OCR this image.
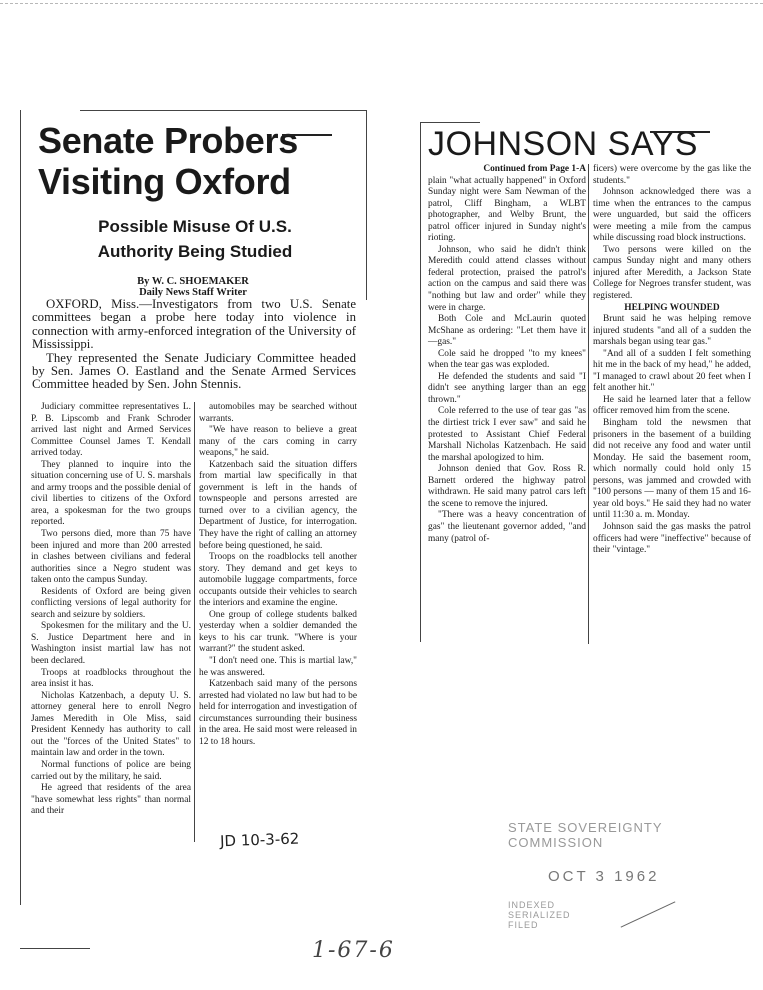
Senate Probers
Visiting Oxford
Possible Misuse Of U.S.
Authority Being Studied
By W. C. SHOEMAKER
Daily News Staff Writer

OXFORD, Miss.—Investigators from two U.S. Senate committees began a probe here today into violence in connection with army-enforced integration of the University of Mississippi.

They represented the Senate Judiciary Committee headed by Sen. James O. Eastland and the Senate Armed Services Committee headed by Sen. John Stennis.

Judiciary committee representatives L. P. B. Lipscomb and Frank Schroder arrived last night and Armed Services Committee Counsel James T. Kendall arrived today.

They planned to inquire into the situation concerning use of U. S. marshals and army troops and the possible denial of civil liberties to citizens of the Oxford area, a spokesman for the two groups reported.

Two persons died, more than 75 have been injured and more than 200 arrested in clashes between civilians and federal authorities since a Negro student was taken onto the campus Sunday.

Residents of Oxford are being given conflicting versions of legal authority for search and seizure by soldiers.

Spokesmen for the military and the U. S. Justice Department here and in Washington insist martial law has not been declared.

Troops at roadblocks throughout the area insist it has.

Nicholas Katzenbach, a deputy U. S. attorney general here to enroll Negro James Meredith in Ole Miss, said President Kennedy has authority to call out the "forces of the United States" to maintain law and order in the town.

Normal functions of police are being carried out by the military, he said.

He agreed that residents of the area "have somewhat less rights" than normal and their

automobiles may be searched without warrants.

"We have reason to believe a great many of the cars coming in carry weapons," he said.

Katzenbach said the situation differs from martial law specifically in that government is left in the hands of townspeople and persons arrested are turned over to a civilian agency, the Department of Justice, for interrogation. They have the right of calling an attorney before being questioned, he said.

Troops on the roadblocks tell another story. They demand and get keys to automobile luggage compartments, force occupants outside their vehicles to search the interiors and examine the engine.

One group of college students balked yesterday when a soldier demanded the keys to his car trunk. "Where is your warrant?" the student asked.

"I don't need one. This is martial law," he was answered.

Katzenbach said many of the persons arrested had violated no law but had to be held for interrogation and investigation of circumstances surrounding their business in the area. He said most were released in 12 to 18 hours.

JD 10-3-62
JOHNSON SAYS

Continued from Page 1-A

plain "what actually happened" in Oxford Sunday night were Sam Newman of the patrol, Cliff Bingham, a WLBT photographer, and Welby Brunt, the patrol officer injured in Sunday night's rioting.

Johnson, who said he didn't think Meredith could attend classes without federal protection, praised the patrol's action on the campus and said there was "nothing but law and order" while they were in charge.

Both Cole and McLaurin quoted McShane as ordering: "Let them have it—gas."

Cole said he dropped "to my knees" when the tear gas was exploded.

He defended the students and said "I didn't see anything larger than an egg thrown."

Cole referred to the use of tear gas "as the dirtiest trick I ever saw" and said he protested to Assistant Chief Federal Marshall Nicholas Katzenbach. He said the marshal apologized to him.

Johnson denied that Gov. Ross R. Barnett ordered the highway patrol withdrawn. He said many patrol cars left the scene to remove the injured.

"There was a heavy concentration of gas" the lieutenant governor added, "and many (patrol of-

ficers) were overcome by the gas like the students."

Johnson acknowledged there was a time when the entrances to the campus were unguarded, but said the officers were meeting a mile from the campus while discussing road block instructions.

Two persons were killed on the campus Sunday night and many others injured after Meredith, a Jackson State College for Negroes transfer student, was registered.

HELPING WOUNDED

Brunt said he was helping remove injured students "and all of a sudden the marshals began using tear gas."

"And all of a sudden I felt something hit me in the back of my head," he added, "I managed to crawl about 20 feet when I felt another hit."

He said he learned later that a fellow officer removed him from the scene.

Bingham told the newsmen that prisoners in the basement of a building did not receive any food and water until Monday. He said the basement room, which normally could hold only 15 persons, was jammed and crowded with "100 persons — many of them 15 and 16-year old boys." He said they had no water until 11:30 a. m. Monday.

Johnson said the gas masks the patrol officers had were "ineffective" because of their "vintage."

STATE SOVEREIGNTY COMMISSION
OCT 3 1962
INDEXED
SERIALIZED
FILED
1-67-6
